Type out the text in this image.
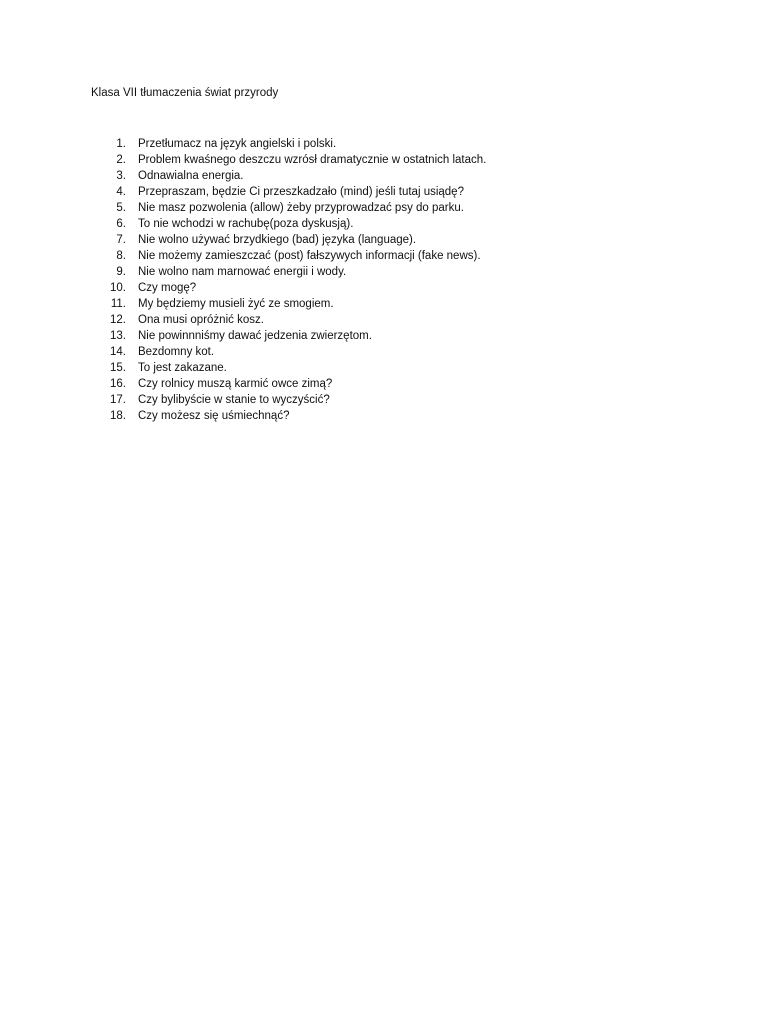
Klasa VII tłumaczenia świat przyrody
1. Przetłumacz na język angielski i polski.
2. Problem kwaśnego deszczu wzrósł dramatycznie w ostatnich latach.
3. Odnawialna energia.
4. Przepraszam, będzie Ci przeszkadzało (mind) jeśli tutaj usiądę?
5. Nie masz pozwolenia (allow) żeby przyprowadzać psy do parku.
6. To nie wchodzi w rachubę(poza dyskusją).
7. Nie wolno używać brzydkiego (bad) języka (language).
8. Nie możemy zamieszczać (post) fałszywych informacji (fake news).
9. Nie wolno nam marnować energii i wody.
10. Czy mogę?
11. My będziemy musieli żyć ze smogiem.
12. Ona musi opróżnić kosz.
13. Nie powinnniśmy dawać jedzenia zwierzętom.
14. Bezdomny kot.
15. To jest zakazane.
16. Czy rolnicy muszą karmić owce zimą?
17. Czy bylibyście w stanie to wyczyścić?
18. Czy możesz się uśmiechnąć?
